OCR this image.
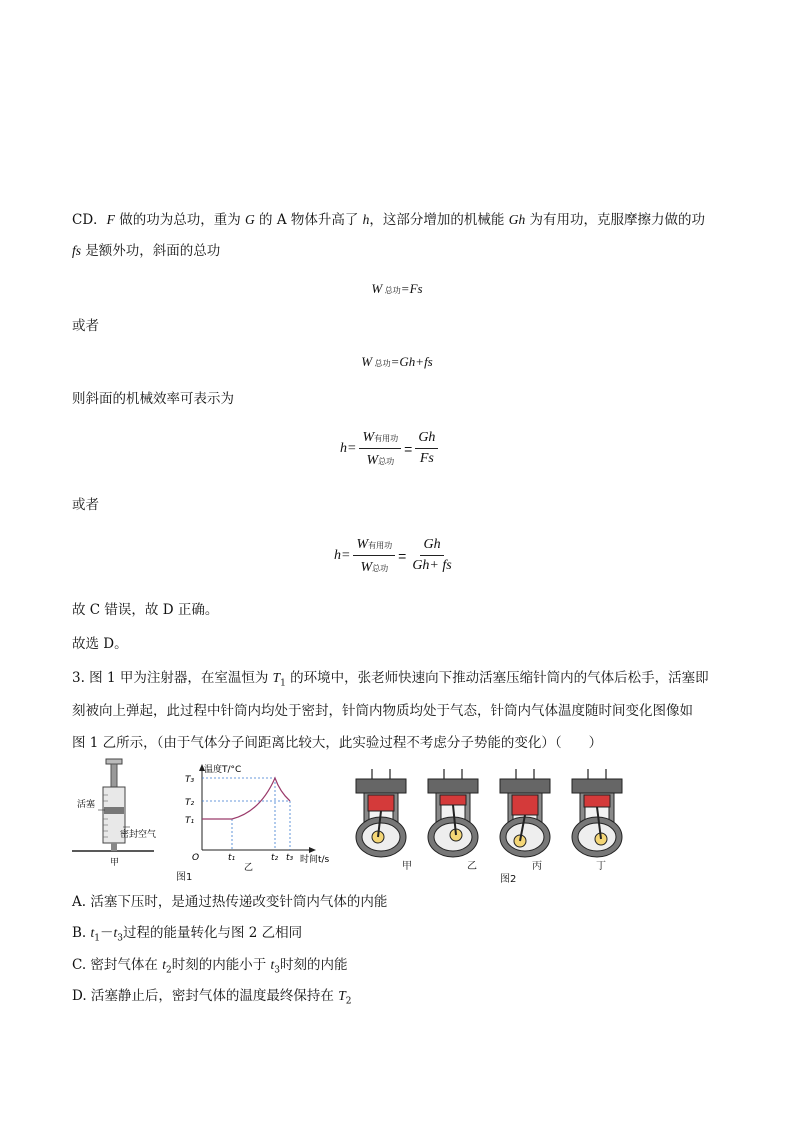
CD．F 做的功为总功，重为 G 的 A 物体升高了 h，这部分增加的机械能 Gh 为有用功，克服摩擦力做的功
fs 是额外功，斜面的总功
W 总功=Fs
或者
W 总功=Gh+fs
则斜面的机械效率可表示为
$h= \frac{\text{W有用功}}{\text{W总功}} = \frac{Gh}{Fs}$
或者
$h= \frac{\text{W有用功}}{\text{W总功}} = \frac{Gh}{Gh+ fs}$
故 C 错误，故 D 正确。
故选 D。
3. 图 1 甲为注射器，在室温恒为 $T_1$ 的环境中，张老师快速向下推动活塞压缩针筒内的气体后松手，活塞即
刻被向上弹起，此过程中针筒内均处于密封，针筒内物质均处于气态，针筒内气体温度随时间变化图像如
图 1 乙所示，（由于气体分子间距离比较大，此实验过程不考虑分子势能的变化）（　　）
活塞
密封空气
甲
温度T/°C
T₃
T₂
T₁
O	t₁	t₂ t₃ 时间t/s
乙
图1
甲	乙	丙	丁
图2
A. 活塞下压时，是通过热传递改变针筒内气体的内能
B. $t_1-t_3$过程的能量转化与图 2 乙相同
C. 密封气体在 $t_2$时刻的内能小于 $t_3$时刻的内能
D. 活塞静止后，密封气体的温度最终保持在 $T_2$
